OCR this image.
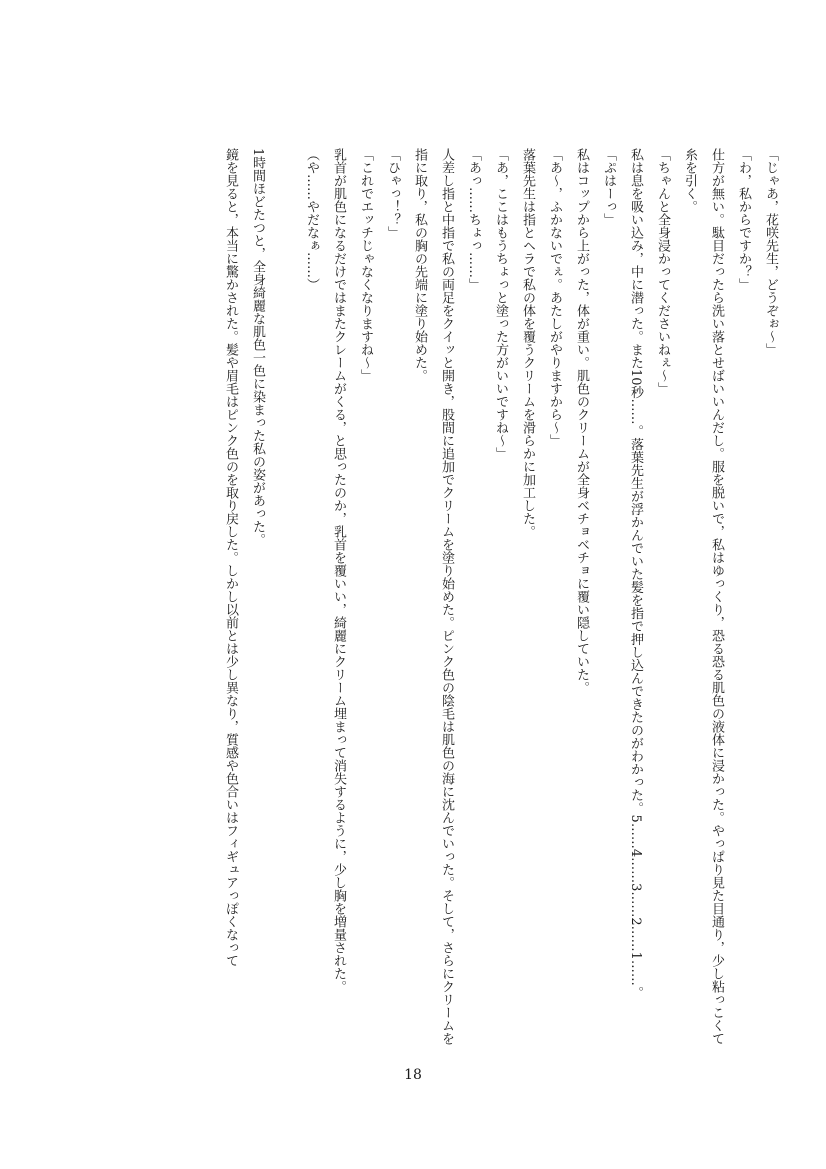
「じゃあ，花咲先生，どうぞぉ～」

「わ，私からですか？」

仕方が無い。駄目だったら洗い落とせばいいんだし。服を脱いで，私はゆっくり，恐る恐る肌色の液体に浸かった。やっぱり見た目通り，少し粘っこくて糸を引く。

「ちゃんと全身浸かってくださいねぇ～」

私は息を吸い込み，中に潜った。また10秒……。落葉先生が浮かんでいた髪を指で押し込んできたのがわかった。5……4……3……2……1……。

「ぷはーっ」

私はコップから上がった，体が重い。肌色のクリームが全身ベチョベチョに覆い隠していた。

「あ～，ふかないでぇ。あたしがやりますから～」

落葉先生は指とヘラで私の体を覆うクリームを滑らかに加工した。

「あ，ここはもうちょっと塗った方がいいですね～」

「あっ……ちょっ……」

人差し指と中指で私の両足をクイッと開き，股間に追加でクリームを塗り始めた。ピンク色の陰毛は肌色の海に沈んでいった。そして，さらにクリームを指に取り，私の胸の先端に塗り始めた。

「ひゃっ！？」

「これでエッチじゃなくなりますね～」

乳首が肌色になるだけではまたクレームがくる，と思ったのか，乳首を覆いい，綺麗にクリーム埋まって消失するように，少し胸を増量された。

（や……やだなぁ……）

1時間ほどたつと，全身綺麗な肌色一色に染まった私の姿があった。

鏡を見ると，本当に驚かされた。髪や眉毛はピンク色のを取り戻した。しかし以前とは少し異なり，質感や色合いはフィギュアっぽくなって

18
